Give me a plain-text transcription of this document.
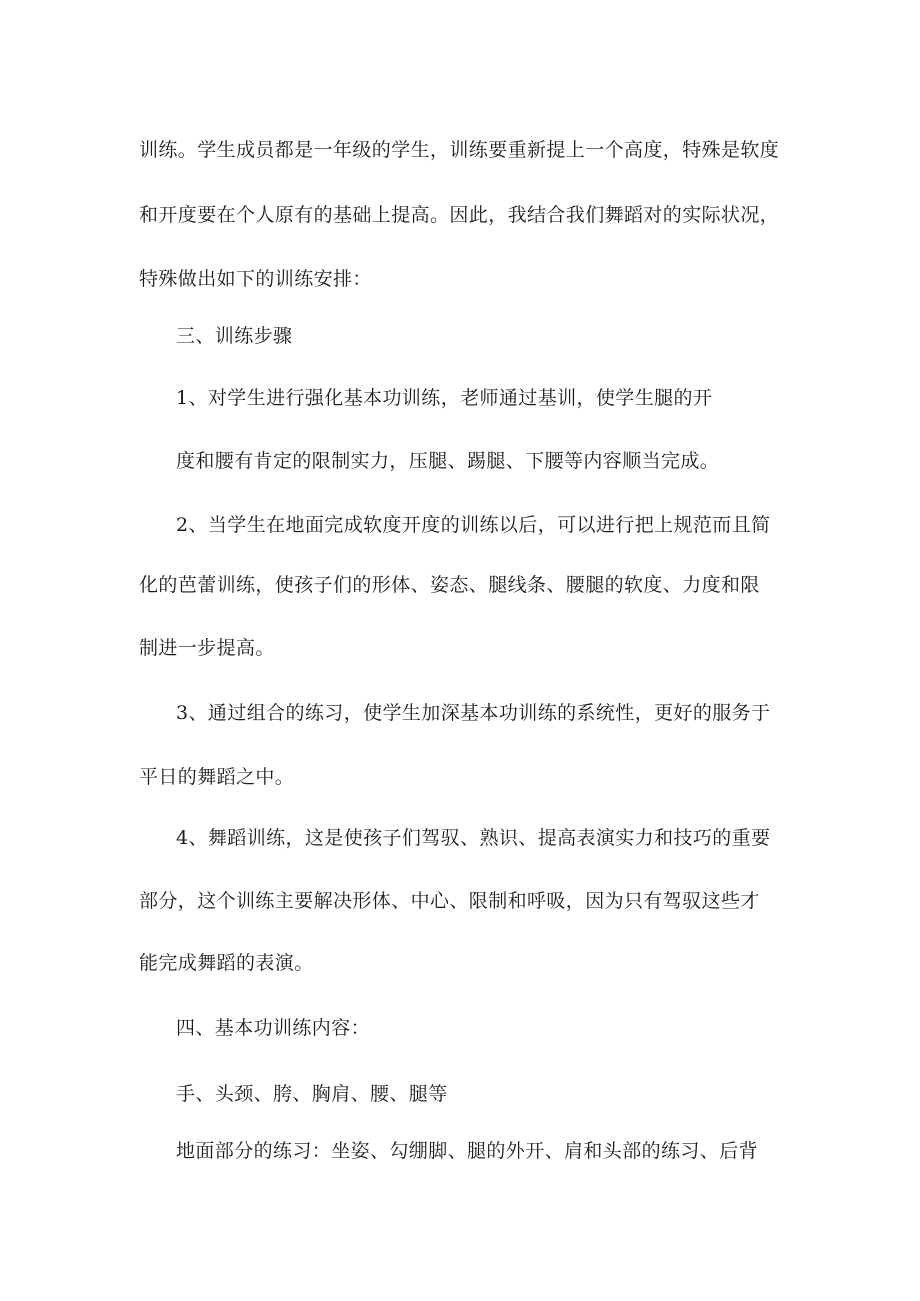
训练。学生成员都是一年级的学生，训练要重新提上一个高度，特殊是软度

和开度要在个人原有的基础上提高。因此，我结合我们舞蹈对的实际状况，

特殊做出如下的训练安排：

三、训练步骤

1、对学生进行强化基本功训练，老师通过基训，使学生腿的开

度和腰有肯定的限制实力，压腿、踢腿、下腰等内容顺当完成。

2、当学生在地面完成软度开度的训练以后，可以进行把上规范而且简

化的芭蕾训练，使孩子们的形体、姿态、腿线条、腰腿的软度、力度和限

制进一步提高。

3、通过组合的练习，使学生加深基本功训练的系统性，更好的服务于

平日的舞蹈之中。

4、舞蹈训练，这是使孩子们驾驭、熟识、提高表演实力和技巧的重要

部分，这个训练主要解决形体、中心、限制和呼吸，因为只有驾驭这些才

能完成舞蹈的表演。

四、基本功训练内容：

手、头颈、胯、胸肩、腰、腿等

地面部分的练习：坐姿、勾绷脚、腿的外开、肩和头部的练习、后背
